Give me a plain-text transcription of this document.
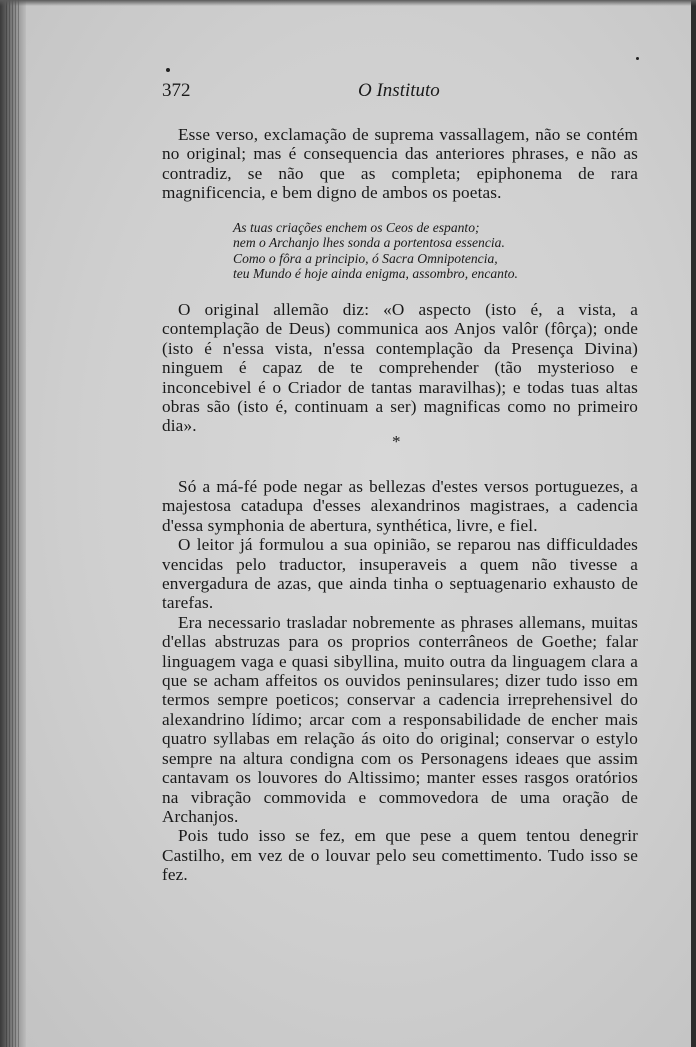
372	O Instituto

Esse verso, exclamação de suprema vassallagem, não se contém no original; mas é consequencia das anteriores phrases, e não as contradiz, se não que as completa; epiphonema de rara magnificencia, e bem digno de ambos os poetas.

As tuas criações enchem os Ceos de espanto;
nem o Archanjo lhes sonda a portentosa essencia.
Como o fôra a principio, ó Sacra Omnipotencia,
teu Mundo é hoje ainda enigma, assombro, encanto.

O original allemão diz: «O aspecto (isto é, a vista, a contemplação de Deus) communica aos Anjos valôr (fôrça); onde (isto é n'essa vista, n'essa contemplação da Presença Divina) ninguem é capaz de te comprehender (tão mysterioso e inconcebivel é o Criador de tantas maravilhas); e todas tuas altas obras são (isto é, continuam a ser) magnificas como no primeiro dia».

*

Só a má-fé pode negar as bellezas d'estes versos portuguezes, a majestosa catadupa d'esses alexandrinos magistraes, a cadencia d'essa symphonia de abertura, synthética, livre, e fiel.

O leitor já formulou a sua opinião, se reparou nas difficuldades vencidas pelo traductor, insuperaveis a quem não tivesse a envergadura de azas, que ainda tinha o septuagenario exhausto de tarefas.

Era necessario trasladar nobremente as phrases allemans, muitas d'ellas abstruzas para os proprios conterrâneos de Goethe; falar linguagem vaga e quasi sibyllina, muito outra da linguagem clara a que se acham affeitos os ouvidos peninsulares; dizer tudo isso em termos sempre poeticos; conservar a cadencia irreprehensivel do alexandrino lídimo; arcar com a responsabilidade de encher mais quatro syllabas em relação ás oito do original; conservar o estylo sempre na altura condigna com os Personagens ideaes que assim cantavam os louvores do Altissimo; manter esses rasgos oratórios na vibração commovida e commovedora de uma oração de Archanjos.

Pois tudo isso se fez, em que pese a quem tentou denegrir Castilho, em vez de o louvar pelo seu comettimento. Tudo isso se fez.
